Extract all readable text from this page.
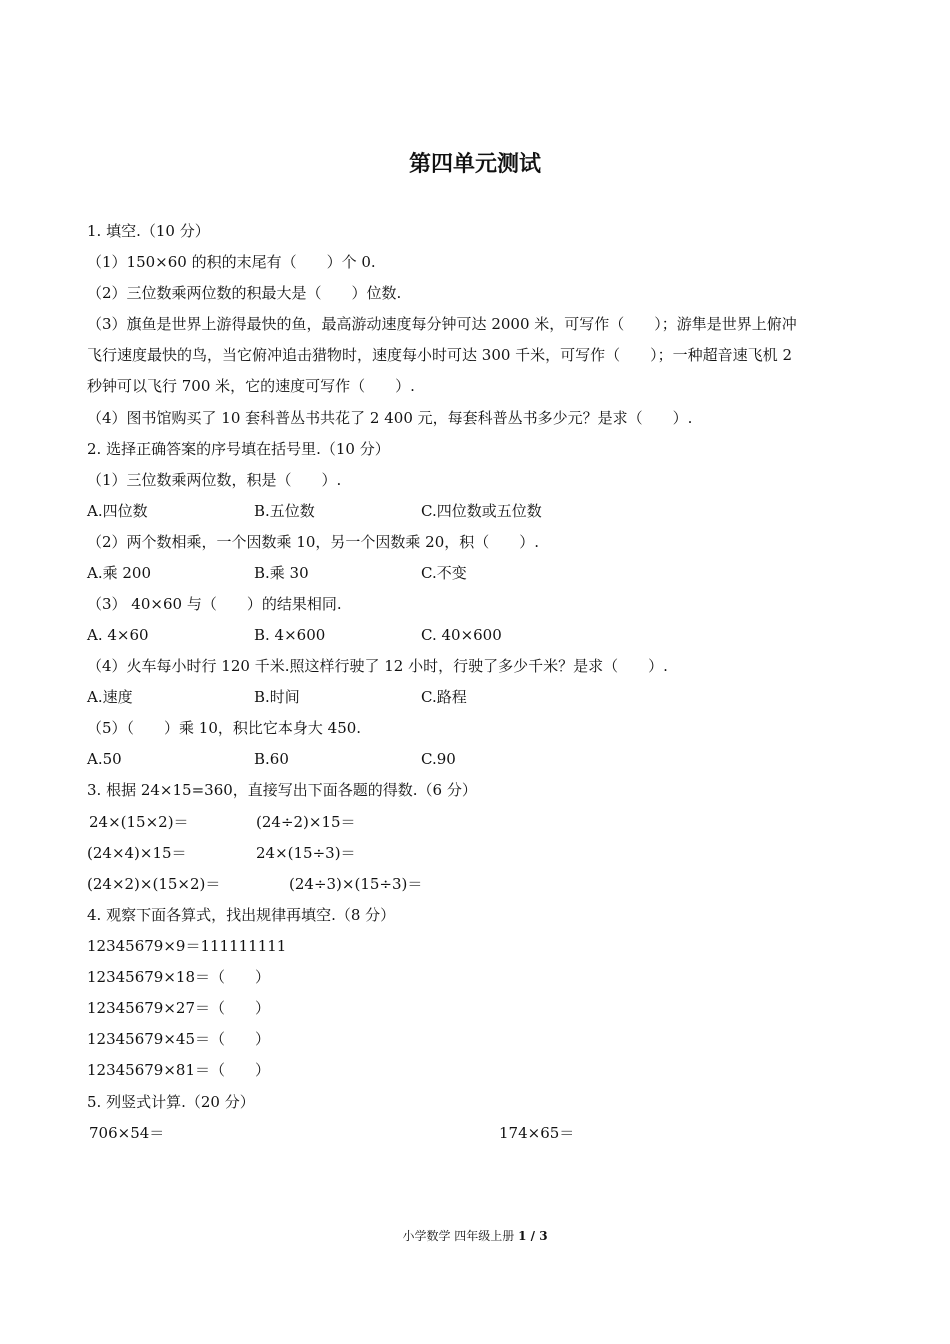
第四单元测试
1. 填空.（10 分）
（1）150×60 的积的末尾有（　　）个 0.
（2）三位数乘两位数的积最大是（　　）位数.
（3）旗鱼是世界上游得最快的鱼，最高游动速度每分钟可达 2000 米，可写作（　　）；游隼是世界上俯冲
飞行速度最快的鸟，当它俯冲追击猎物时，速度每小时可达 300 千米，可写作（　　）；一种超音速飞机 2
秒钟可以飞行 700 米，它的速度可写作（　　）.
（4）图书馆购买了 10 套科普丛书共花了 2 400 元，每套科普丛书多少元？是求（　　）.
2. 选择正确答案的序号填在括号里.（10 分）
（1）三位数乘两位数，积是（　　）.
A.四位数	B.五位数	C.四位数或五位数
（2）两个数相乘，一个因数乘 10，另一个因数乘 20，积（　　）.
A.乘 200	B.乘 30	C.不变
（3） 40×60 与（　　）的结果相同.
A. 4×60	B. 4×600	C. 40×600
（4）火车每小时行 120 千米.照这样行驶了 12 小时，行驶了多少千米？是求（　　）.
A.速度	B.时间	C.路程
（5）（　　）乘 10，积比它本身大 450.
A.50	B.60	C.90
3. 根据 24×15=360，直接写出下面各题的得数.（6 分）
24×(15×2)＝	(24÷2)×15＝
(24×4)×15＝	24×(15÷3)＝
(24×2)×(15×2)＝	(24÷3)×(15÷3)＝
4. 观察下面各算式，找出规律再填空.（8 分）
12345679×9＝111111111
12345679×18＝（　　）
12345679×27＝（　　）
12345679×45＝（　　）
12345679×81＝（　　）
5. 列竖式计算.（20 分）
706×54＝	174×65＝
小学数学 四年级上册 1 / 3
